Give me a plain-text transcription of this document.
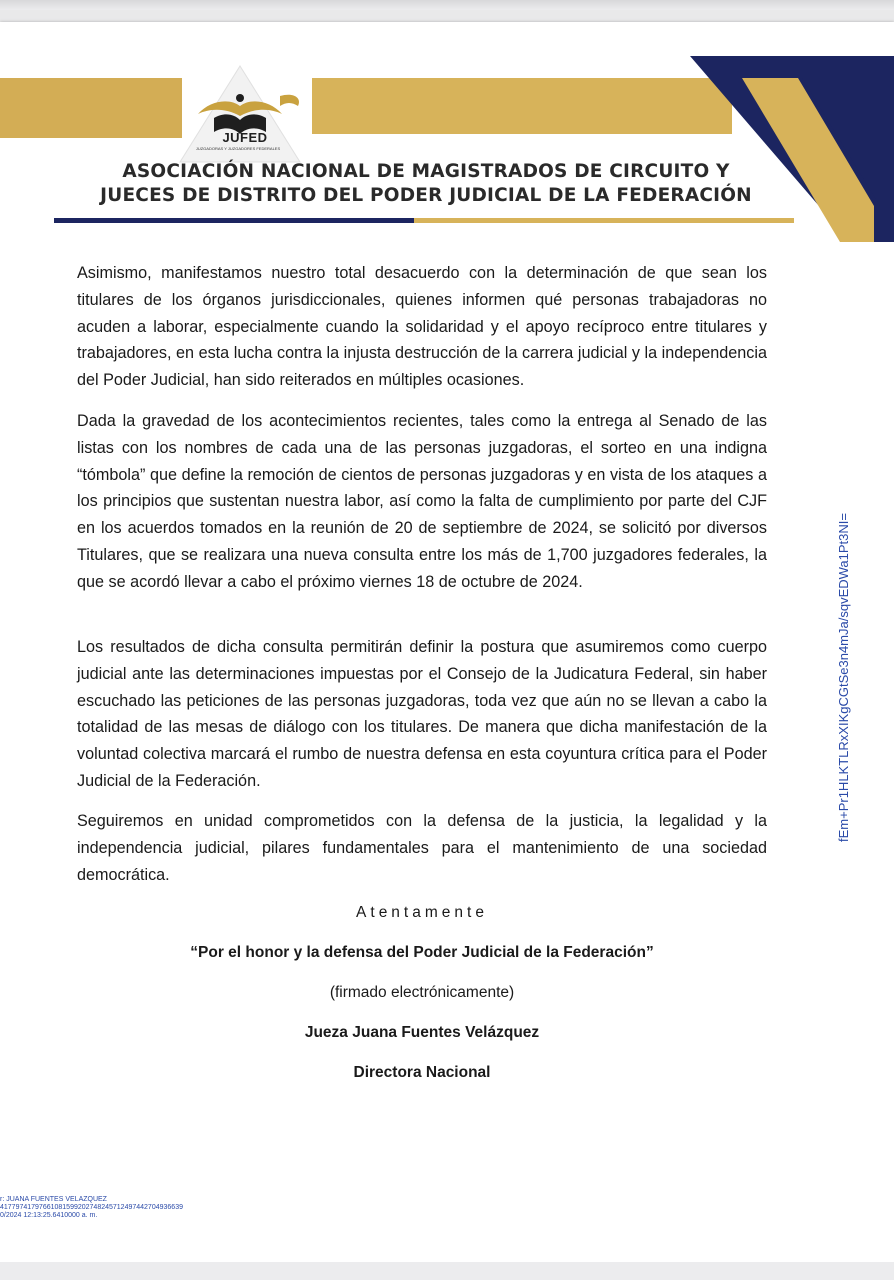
JUFED
JUZGADORAS Y JUZGADORES FEDERALES
ASOCIACIÓN NACIONAL DE MAGISTRADOS DE CIRCUITO Y
JUECES DE DISTRITO DEL PODER JUDICIAL DE LA FEDERACIÓN

Asimismo, manifestamos nuestro total desacuerdo con la determinación de que sean los titulares de los órganos jurisdiccionales, quienes informen qué personas trabajadoras no acuden a laborar, especialmente cuando la solidaridad y el apoyo recíproco entre titulares y trabajadores, en esta lucha contra la injusta destrucción de la carrera judicial y la independencia del Poder Judicial, han sido reiterados en múltiples ocasiones.

Dada la gravedad de los acontecimientos recientes, tales como la entrega al Senado de las listas con los nombres de cada una de las personas juzgadoras, el sorteo en una indigna “tómbola” que define la remoción de cientos de personas juzgadoras y en vista de los ataques a los principios que sustentan nuestra labor, así como la falta de cumplimiento por parte del CJF en los acuerdos tomados en la reunión de 20 de septiembre de 2024, se solicitó por diversos Titulares, que se realizara una nueva consulta entre los más de 1,700 juzgadores federales, la que se acordó llevar a cabo el próximo viernes 18 de octubre de 2024.

Los resultados de dicha consulta permitirán definir la postura que asumiremos como cuerpo judicial ante las determinaciones impuestas por el Consejo de la Judicatura Federal, sin haber escuchado las peticiones de las personas juzgadoras, toda vez que aún no se llevan a cabo la totalidad de las mesas de diálogo con los titulares. De manera que dicha manifestación de la voluntad colectiva marcará el rumbo de nuestra defensa en esta coyuntura crítica para el Poder Judicial de la Federación.

Seguiremos en unidad comprometidos con la defensa de la justicia, la legalidad y la independencia judicial, pilares fundamentales para el mantenimiento de una sociedad democrática.

Atentamente

“Por el honor y la defensa del Poder Judicial de la Federación”

(firmado electrónicamente)

Jueza Juana Fuentes Velázquez

Directora Nacional

fEm+Pr1HLKTLRxXIKgCGtSe3n4mJa/sqvEDWa1Pt3NI=
r: JUANA FUENTES VELAZQUEZ
41779741797661081599202748245712497442704936639
0/2024 12:13:25.6410000 a. m.
